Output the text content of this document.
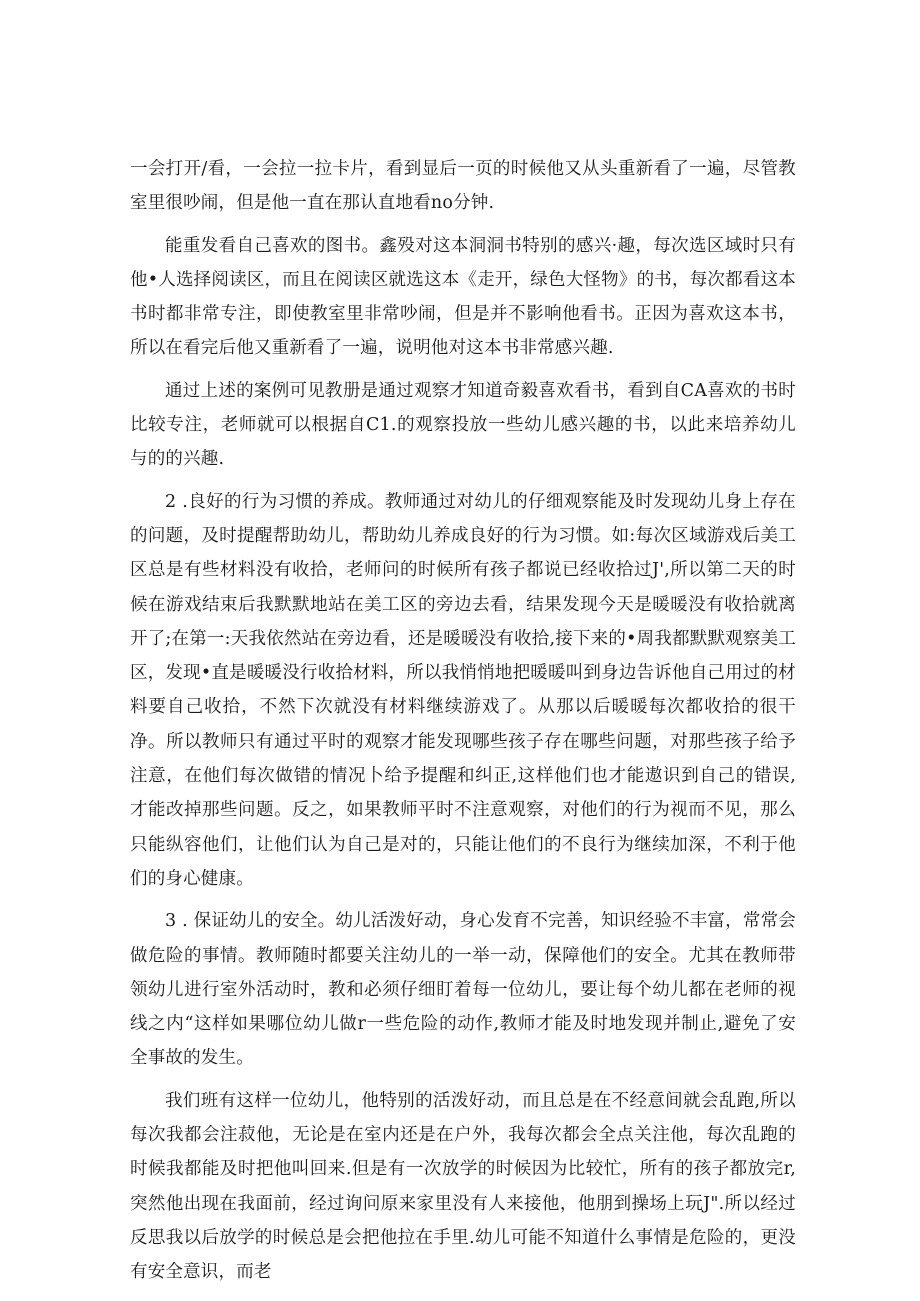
一会打开/看，一会拉一拉卡片，看到显后一页的时候他又从头重新看了一遍，尽管教室里很吵闹，但是他一直在那认直地看no分钟.

能重发看自己喜欢的图书。鑫殁对这本洞洞书特别的感兴·趣，每次选区域时只有他•人选择阅读区，而且在阅读区就选这本《走开，绿色大怪物》的书，每次都看这本书时都非常专注，即使教室里非常吵闹，但是并不影响他看书。正因为喜欢这本书，所以在看完后他又重新看了一遍，说明他对这本书非常感兴趣.

通过上述的案例可见教册是通过观察才知道奇毅喜欢看书，看到自CA喜欢的书时比较专注，老师就可以根据自C1.的观察投放一些幼儿感兴趣的书，以此来培养幼儿与的的兴趣.

2 .良好的行为习惯的养成。教师通过对幼儿的仔细观察能及时发现幼儿身上存在的问题，及时提醒帮助幼儿，帮助幼儿养成良好的行为习惯。如:每次区域游戏后美工区总是有些材料没有收拾，老师问的时候所有孩子都说已经收拾过J',所以第二天的时候在游戏结束后我默默地站在美工区的旁边去看，结果发现今天是暖暖没有收拾就离开了;在第一:天我依然站在旁边看，还是暖暖没有收拾,接下来的•周我都默默观察美工区，发现•直是暖暖没行收拾材料，所以我悄悄地把暖暖叫到身边告诉他自己用过的材料要自己收拾，不然下次就没有材料继续游戏了。从那以后暖暖每次都收拾的很干净。所以教师只有通过平时的观察才能发现哪些孩子存在哪些问题，对那些孩子给予注意，在他们每次做错的情况卜给予提醒和纠正,这样他们也才能遨识到自己的错误,才能改掉那些问题。反之，如果教师平时不注意观察，对他们的行为视而不见，那么只能纵容他们，让他们认为自己是对的，只能让他们的不良行为继续加深，不利于他们的身心健康。

3 . 保证幼儿的安全。幼儿活泼好动，身心发育不完善，知识经验不丰富，常常会做危险的事情。教师随时都要关注幼儿的一举一动，保障他们的安全。尤其在教师带领幼儿进行室外活动时，教和必须仔细盯着每一位幼儿，要让每个幼儿都在老师的视线之内“这样如果哪位幼儿做r一些危险的动作,教师才能及时地发现并制止,避免了安全事故的发生。

我们班有这样一位幼儿，他特别的活泼好动，而且总是在不经意间就会乱跑,所以每次我都会注菽他，无论是在室内还是在户外，我每次都会全点关注他，每次乱跑的时候我都能及时把他叫回来.但是有一次放学的时候因为比较忙，所有的孩子都放完r,突然他出现在我面前，经过询问原来家里没有人来接他，他朋到操场上玩J".所以经过反思我以后放学的时候总是会把他拉在手里.幼儿可能不知道什么事情是危险的，更没有安全意识，而老
